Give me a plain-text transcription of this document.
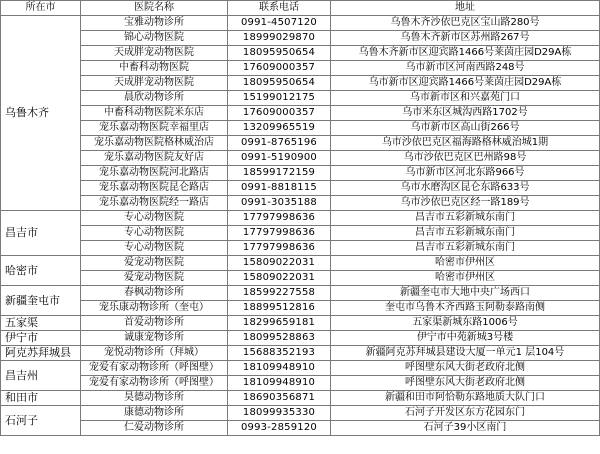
所在市	医院名称	联系电话	地址
乌鲁木齐	宝雅动物诊所	0991-4507120	乌鲁木齐沙依巴克区宝山路280号
	锦心动物医院	18999029870	乌鲁木齐新市区苏州路267号
	天成胖宠动物医院	18095950654	乌鲁木齐新市区迎宾路1466号莱茵庄园D29A栋
	中畜科动物医院	17609000357	乌市新市区河南西路248号
	天成胖宠动物医院	18095950654	乌市新市区迎宾路1466号莱茵庄园D29A栋
	晨欣动物诊所	15199012175	乌市新市区和兴嘉苑门口
	中畜科动物医院米东店	17609000357	乌市米东区城沟西路1702号
	宠乐嘉动物医院幸福里店	13209965519	乌市新市区高山街266号
	宠乐嘉动物医院格林威治店	0991-8765196	乌市沙依巴克区福海路格林威治城1期
	宠乐嘉动物医院友好店	0991-5190900	乌市沙依巴克区巴州路98号
	宠乐嘉动物医院河北路店	18599172159	乌市新市区河北东路966号
	宠乐嘉动物医院昆仑路店	0991-8818115	乌市水磨沟区昆仑东路633号
	宠乐嘉动物医院经一路店	0991-3035188	乌市沙依巴克区经一路189号
昌吉市	专心动物医院	17797998636	昌吉市五彩新城东南门
	专心动物医院	17797998636	昌吉市五彩新城东南门
	专心动物医院	17797998636	昌吉市五彩新城东南门
哈密市	爱宠动物医院	15809022031	哈密市伊州区
	爱宠动物医院	15809022031	哈密市伊州区
新疆奎屯市	春枫动物诊所	18599227558	新疆奎屯市大地中央广场西口
	宠乐康动物诊所（奎屯）	18899512816	奎屯市乌鲁木齐西路玉阿勒泰路南侧
五家渠	首爱动物诊所	18299659181	五家渠新城东路1006号
伊宁市	诚康宠物诊所	18099528863	伊宁市中苑新城3号楼
阿克苏拜城县	宠悦动物诊所（拜城）	15688352193	新疆阿克苏拜城县建设大厦一单元1 层104号
昌吉州	宠爱有家动物诊所（呼图壁）	18109948910	呼图壁东风大街老政府北侧
	宠爱有家动物诊所（呼图壁）	18109948910	呼图壁东风大街老政府北侧
和田市	昊德动物诊所	18690356871	新疆和田市阿恰勒东路地质大队门口
石河子	康德动物诊所	18099935330	石河子开发区东方花园东门
	仁爱动物诊所	0993-2859120	石河子39小区南门
